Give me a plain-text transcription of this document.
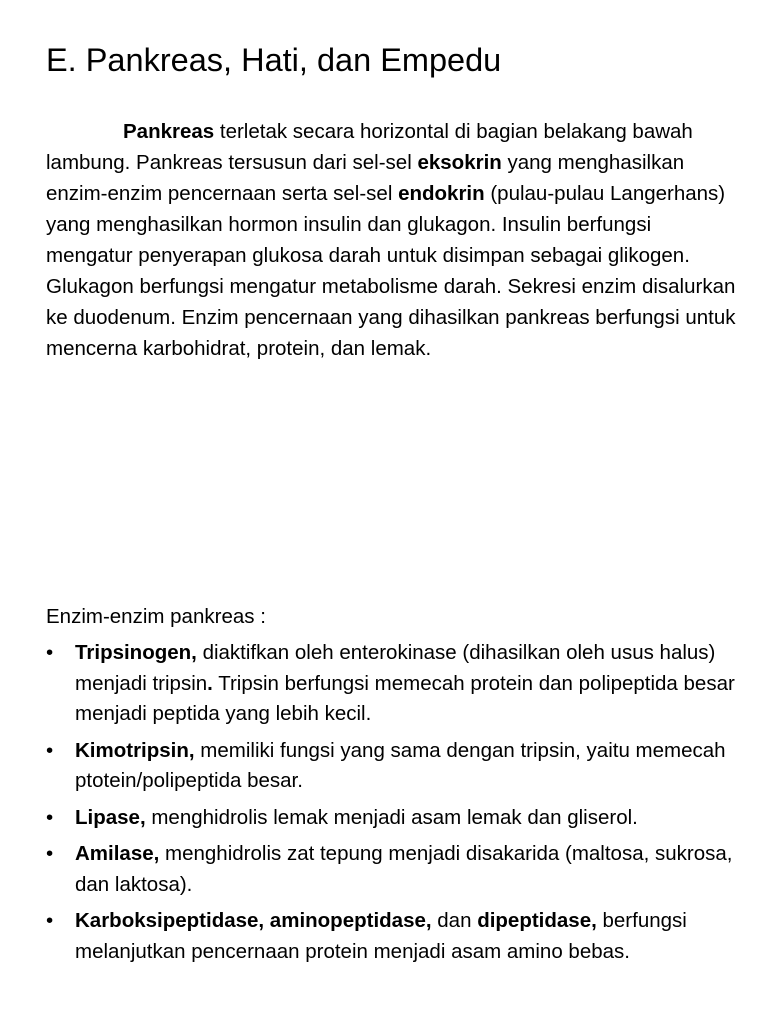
E. Pankreas, Hati, dan Empedu

Pankreas terletak secara horizontal di bagian belakang bawah lambung. Pankreas tersusun dari sel-sel eksokrin yang menghasilkan enzim-enzim pencernaan serta sel-sel endokrin (pulau-pulau Langerhans) yang menghasilkan hormon insulin dan glukagon. Insulin berfungsi mengatur penyerapan glukosa darah untuk disimpan sebagai glikogen. Glukagon berfungsi mengatur metabolisme darah. Sekresi enzim disalurkan ke duodenum. Enzim pencernaan yang dihasilkan pankreas berfungsi untuk mencerna karbohidrat, protein, dan lemak.

Enzim-enzim pankreas :
• Tripsinogen, diaktifkan oleh enterokinase (dihasilkan oleh usus halus) menjadi tripsin. Tripsin berfungsi memecah protein dan polipeptida besar menjadi peptida yang lebih kecil.
• Kimotripsin, memiliki fungsi yang sama dengan tripsin, yaitu memecah ptotein/polipeptida besar.
• Lipase, menghidrolis lemak menjadi asam lemak dan gliserol.
• Amilase, menghidrolis zat tepung menjadi disakarida (maltosa, sukrosa, dan laktosa).
• Karboksipeptidase, aminopeptidase, dan dipeptidase, berfungsi melanjutkan pencernaan protein menjadi asam amino bebas.
